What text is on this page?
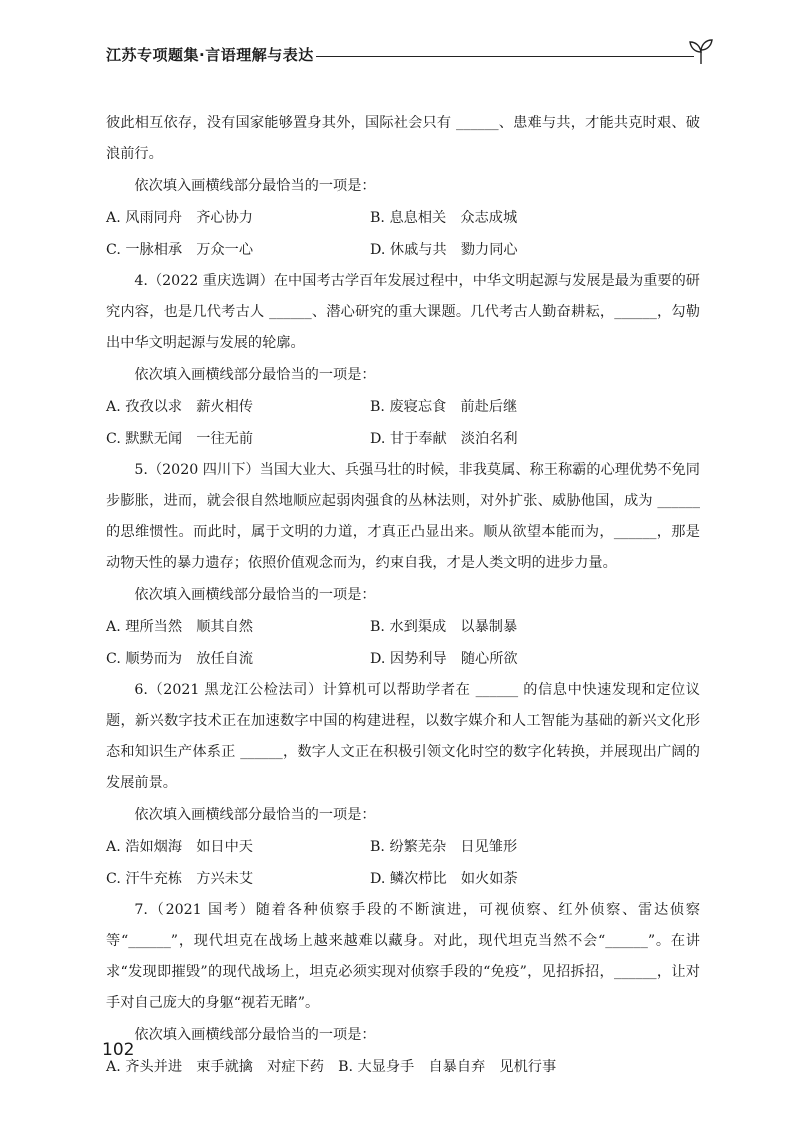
江苏专项题集·言语理解与表达

彼此相互依存，没有国家能够置身其外，国际社会只有 ______、患难与共，才能共克时艰、破浪前行。

依次填入画横线部分最恰当的一项是：

A. 风雨同舟　齐心协力	B. 息息相关　众志成城
C. 一脉相承　万众一心	D. 休戚与共　勠力同心

4.（2022 重庆选调）在中国考古学百年发展过程中，中华文明起源与发展是最为重要的研究内容，也是几代考古人 ______、潜心研究的重大课题。几代考古人勤奋耕耘，______，勾勒出中华文明起源与发展的轮廓。

依次填入画横线部分最恰当的一项是：

A. 孜孜以求　薪火相传	B. 废寝忘食　前赴后继
C. 默默无闻　一往无前	D. 甘于奉献　淡泊名利

5.（2020 四川下）当国大业大、兵强马壮的时候，非我莫属、称王称霸的心理优势不免同步膨胀，进而，就会很自然地顺应起弱肉强食的丛林法则，对外扩张、威胁他国，成为 ______ 的思维惯性。而此时，属于文明的力道，才真正凸显出来。顺从欲望本能而为，______，那是动物天性的暴力遗存；依照价值观念而为，约束自我，才是人类文明的进步力量。

依次填入画横线部分最恰当的一项是：

A. 理所当然　顺其自然	B. 水到渠成　以暴制暴
C. 顺势而为　放任自流	D. 因势利导　随心所欲

6.（2021 黑龙江公检法司）计算机可以帮助学者在 ______ 的信息中快速发现和定位议题，新兴数字技术正在加速数字中国的构建进程，以数字媒介和人工智能为基础的新兴文化形态和知识生产体系正 ______，数字人文正在积极引领文化时空的数字化转换，并展现出广阔的发展前景。

依次填入画横线部分最恰当的一项是：

A. 浩如烟海　如日中天	B. 纷繁芜杂　日见雏形
C. 汗牛充栋　方兴未艾	D. 鳞次栉比　如火如荼

7.（2021 国考）随着各种侦察手段的不断演进，可视侦察、红外侦察、雷达侦察等“______”，现代坦克在战场上越来越难以藏身。对此，现代坦克当然不会“______”。在讲求“发现即摧毁”的现代战场上，坦克必须实现对侦察手段的“免疫”，见招拆招，______，让对手对自己庞大的身躯“视若无睹”。

依次填入画横线部分最恰当的一项是：

A. 齐头并进　束手就擒　对症下药　B. 大显身手　自暴自弃　见机行事
102
